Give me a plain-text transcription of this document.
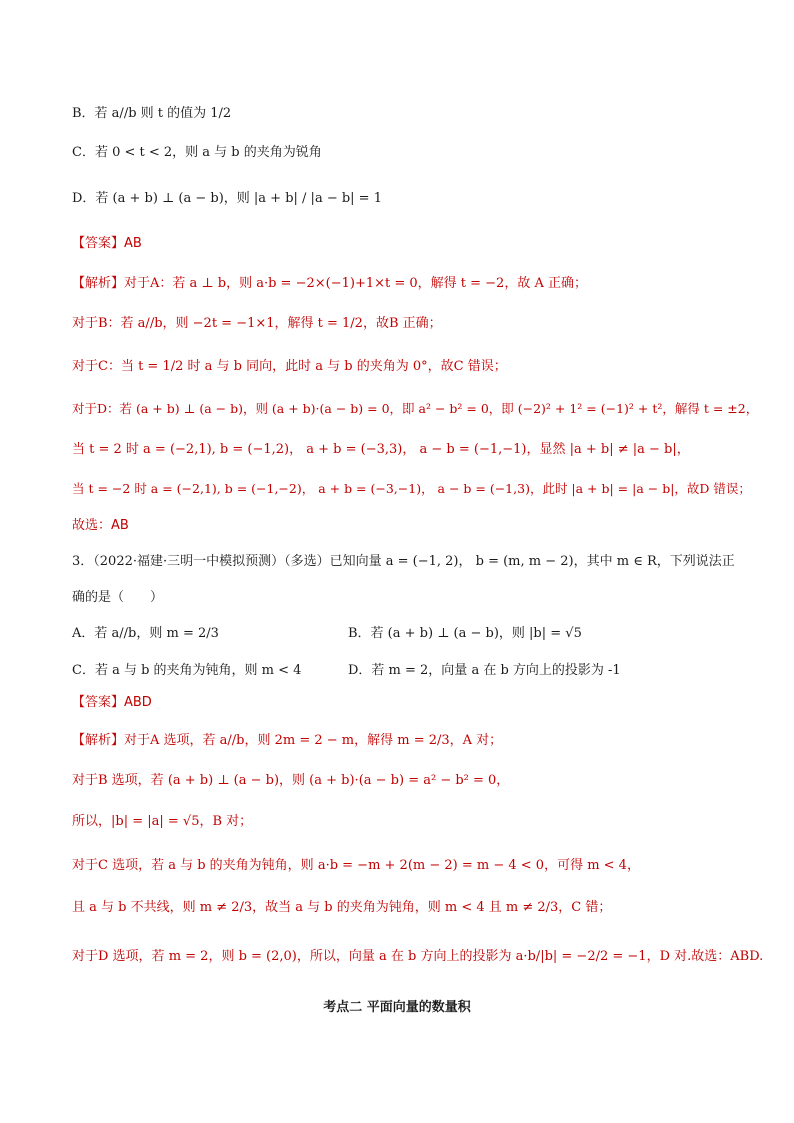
B．若 a//b 则 t 的值为 1/2
C．若 0 < t < 2，则 a 与 b 的夹角为锐角
D．若 (a + b) ⊥ (a − b)，则 |a + b| / |a − b| = 1
【答案】AB
【解析】对于A：若 a ⊥ b，则 a·b = −2×(−1)+1×t = 0，解得 t = −2，故 A 正确；
对于B：若 a//b，则 −2t = −1×1，解得 t = 1/2，故B 正确；
对于C：当 t = 1/2 时 a 与 b 同向，此时 a 与 b 的夹角为 0°，故C 错误；
对于D：若 (a + b) ⊥ (a − b)，则 (a + b)·(a − b) = 0，即 a² − b² = 0，即 (−2)² + 1² = (−1)² + t²，解得 t = ±2，
当 t = 2 时 a = (−2,1), b = (−1,2)， a + b = (−3,3)， a − b = (−1,−1)，显然 |a + b| ≠ |a − b|，
当 t = −2 时 a = (−2,1), b = (−1,−2)， a + b = (−3,−1)， a − b = (−1,3)，此时 |a + b| = |a − b|，故D 错误；
故选：AB
3．（2022·福建·三明一中模拟预测）（多选）已知向量 a = (−1, 2)， b = (m, m − 2)，其中 m ∈ R，下列说法正
确的是（　　）
A．若 a//b，则 m = 2/3	B．若 (a + b) ⊥ (a − b)，则 |b| = √5
C．若 a 与 b 的夹角为钝角，则 m < 4	D．若 m = 2，向量 a 在 b 方向上的投影为 -1
【答案】ABD
【解析】对于A 选项，若 a//b，则 2m = 2 − m，解得 m = 2/3，A 对；
对于B 选项，若 (a + b) ⊥ (a − b)，则 (a + b)·(a − b) = a² − b² = 0，
所以，|b| = |a| = √5，B 对；
对于C 选项，若 a 与 b 的夹角为钝角，则 a·b = −m + 2(m − 2) = m − 4 < 0，可得 m < 4，
且 a 与 b 不共线，则 m ≠ 2/3，故当 a 与 b 的夹角为钝角，则 m < 4 且 m ≠ 2/3，C 错；
对于D 选项，若 m = 2，则 b = (2,0)，所以，向量 a 在 b 方向上的投影为 a·b/|b| = −2/2 = −1，D 对.故选：ABD.
考点二 平面向量的数量积
